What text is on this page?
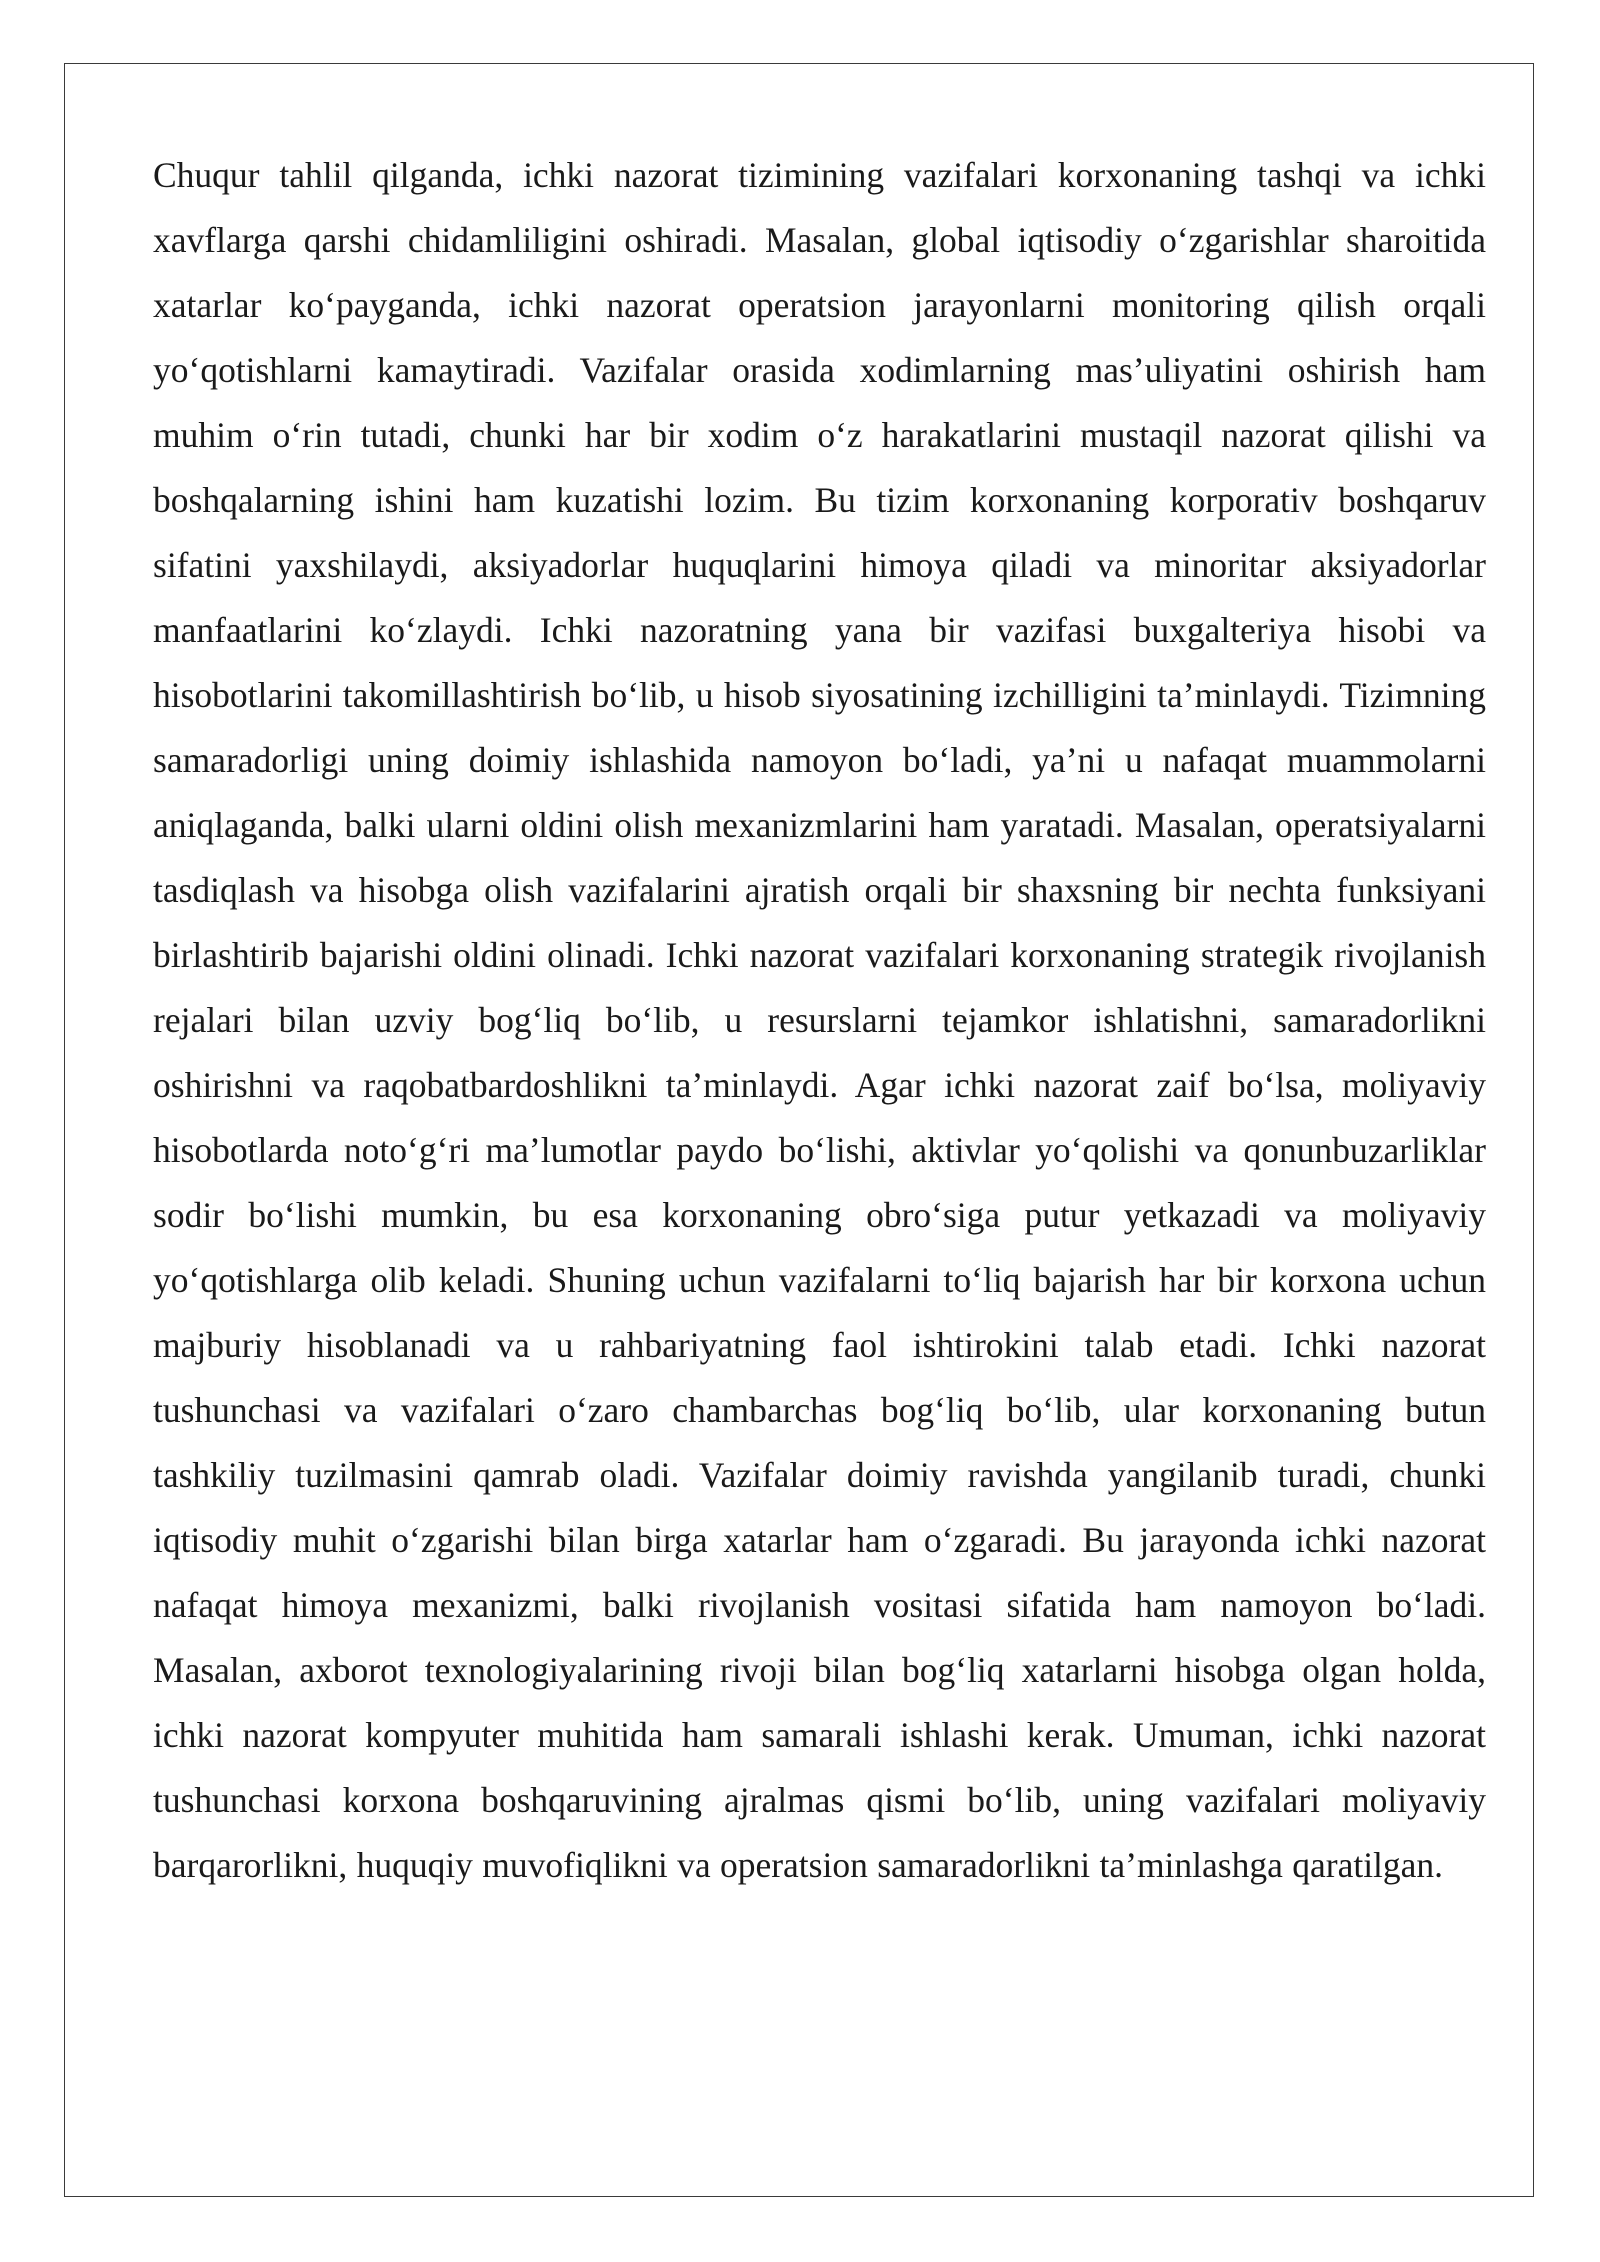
Chuqur tahlil qilganda, ichki nazorat tizimining vazifalari korxonaning tashqi va ichki xavflarga qarshi chidamliligini oshiradi. Masalan, global iqtisodiy o‘zgarishlar sharoitida xatarlar ko‘payganda, ichki nazorat operatsion jarayonlarni monitoring qilish orqali yo‘qotishlarni kamaytiradi. Vazifalar orasida xodimlarning mas’uliyatini oshirish ham muhim o‘rin tutadi, chunki har bir xodim o‘z harakatlarini mustaqil nazorat qilishi va boshqalarning ishini ham kuzatishi lozim. Bu tizim korxonaning korporativ boshqaruv sifatini yaxshilaydi, aksiyadorlar huquqlarini himoya qiladi va minoritar aksiyadorlar manfaatlarini ko‘zlaydi. Ichki nazoratning yana bir vazifasi buxgalteriya hisobi va hisobotlarini takomillashtirish bo‘lib, u hisob siyosatining izchilligini ta’minlaydi. Tizimning samaradorligi uning doimiy ishlashida namoyon bo‘ladi, ya’ni u nafaqat muammolarni aniqlaganda, balki ularni oldini olish mexanizmlarini ham yaratadi. Masalan, operatsiyalarni tasdiqlash va hisobga olish vazifalarini ajratish orqali bir shaxsning bir nechta funksiyani birlashtirib bajarishi oldini olinadi. Ichki nazorat vazifalari korxonaning strategik rivojlanish rejalari bilan uzviy bog‘liq bo‘lib, u resurslarni tejamkor ishlatishni, samaradorlikni oshirishni va raqobatbardoshlikni ta’minlaydi. Agar ichki nazorat zaif bo‘lsa, moliyaviy hisobotlarda noto‘g‘ri ma’lumotlar paydo bo‘lishi, aktivlar yo‘qolishi va qonunbuzarliklar sodir bo‘lishi mumkin, bu esa korxonaning obro‘siga putur yetkazadi va moliyaviy yo‘qotishlarga olib keladi. Shuning uchun vazifalarni to‘liq bajarish har bir korxona uchun majburiy hisoblanadi va u rahbariyatning faol ishtirokini talab etadi. Ichki nazorat tushunchasi va vazifalari o‘zaro chambarchas bog‘liq bo‘lib, ular korxonaning butun tashkiliy tuzilmasini qamrab oladi. Vazifalar doimiy ravishda yangilanib turadi, chunki iqtisodiy muhit o‘zgarishi bilan birga xatarlar ham o‘zgaradi. Bu jarayonda ichki nazorat nafaqat himoya mexanizmi, balki rivojlanish vositasi sifatida ham namoyon bo‘ladi. Masalan, axborot texnologiyalarining rivoji bilan bog‘liq xatarlarni hisobga olgan holda, ichki nazorat kompyuter muhitida ham samarali ishlashi kerak. Umuman, ichki nazorat tushunchasi korxona boshqaruvining ajralmas qismi bo‘lib, uning vazifalari moliyaviy barqarorlikni, huquqiy muvofiqlikni va operatsion samaradorlikni ta’minlashga qaratilgan.
